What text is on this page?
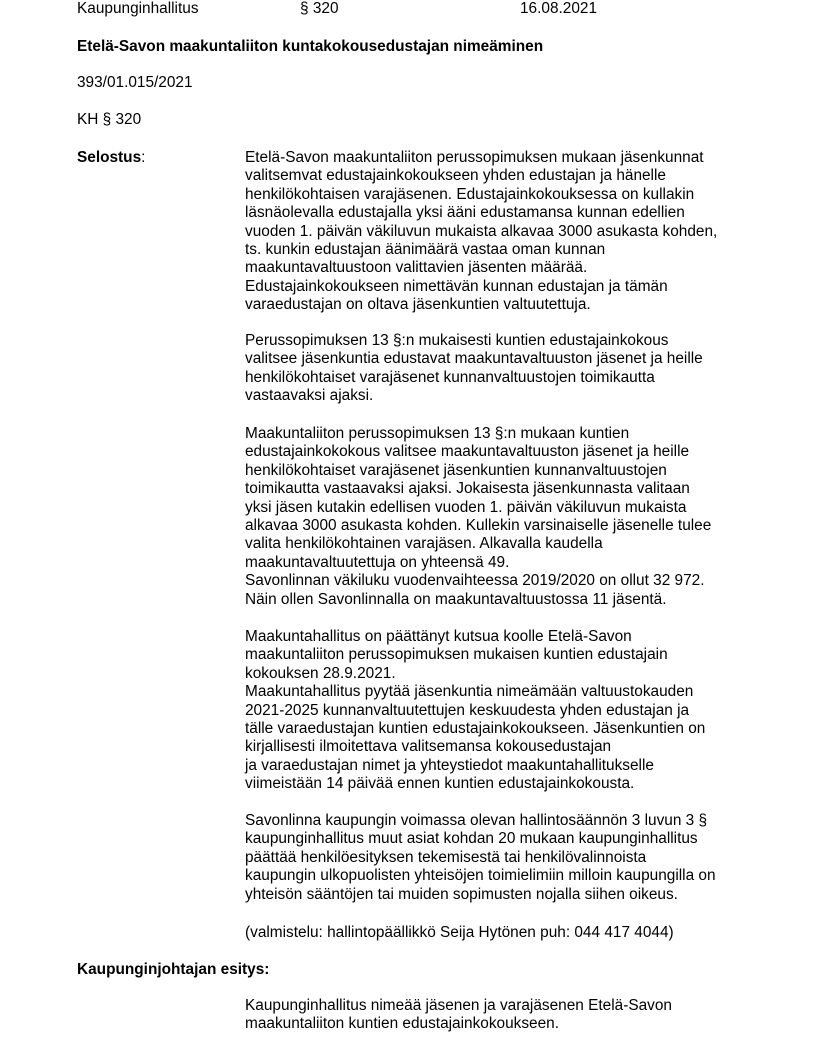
Kaupunginhallitus	§ 320	16.08.2021
Etelä-Savon maakuntaliiton kuntakokousedustajan nimeäminen
393/01.015/2021
KH § 320
Selostus:	Etelä-Savon maakuntaliiton perussopimuksen mukaan jäsenkunnat
valitsemvat edustajainkokoukseen yhden edustajan ja hänelle
henkilökohtaisen varajäsenen. Edustajainkokouksessa on kullakin
läsnäolevalla edustajalla yksi ääni edustamansa kunnan edellien
vuoden 1. päivän väkiluvun mukaista alkavaa 3000 asukasta kohden,
ts. kunkin edustajan äänimäärä vastaa oman kunnan
maakuntavaltuustoon valittavien jäsenten määrää.
Edustajainkokoukseen nimettävän kunnan edustajan ja tämän
varaedustajan on oltava jäsenkuntien valtuutettuja.

Perussopimuksen 13 §:n mukaisesti kuntien edustajainkokous
valitsee jäsenkuntia edustavat maakuntavaltuuston jäsenet ja heille
henkilökohtaiset varajäsenet kunnanvaltuustojen toimikautta
vastaavaksi ajaksi.

Maakuntaliiton perussopimuksen 13 §:n mukaan kuntien
edustajainkokokous valitsee maakuntavaltuuston jäsenet ja heille
henkilökohtaiset varajäsenet jäsenkuntien kunnanvaltuustojen
toimikautta vastaavaksi ajaksi. Jokaisesta jäsenkunnasta valitaan
yksi jäsen kutakin edellisen vuoden 1. päivän väkiluvun mukaista
alkavaa 3000 asukasta kohden. Kullekin varsinaiselle jäsenelle tulee
valita henkilökohtainen varajäsen. Alkavalla kaudella
maakuntavaltuutettuja on yhteensä 49.
Savonlinnan väkiluku vuodenvaihteessa 2019/2020 on ollut 32 972.
Näin ollen Savonlinnalla on maakuntavaltuustossa 11 jäsentä.

Maakuntahallitus on päättänyt kutsua koolle Etelä-Savon
maakuntaliiton perussopimuksen mukaisen kuntien edustajain
kokouksen 28.9.2021.
Maakuntahallitus pyytää jäsenkuntia nimeämään valtuustokauden
2021-2025 kunnanvaltuutettujen keskuudesta yhden edustajan ja
tälle varaedustajan kuntien edustajainkokoukseen. Jäsenkuntien on
kirjallisesti ilmoitettava valitsemansa kokousedustajan
ja varaedustajan nimet ja yhteystiedot maakuntahallitukselle
viimeistään 14 päivää ennen kuntien edustajainkokousta.

Savonlinna kaupungin voimassa olevan hallintosäännön 3 luvun 3 §
kaupunginhallitus muut asiat kohdan 20 mukaan kaupunginhallitus
päättää henkilöesityksen tekemisestä tai henkilövalinnoista
kaupungin ulkopuolisten yhteisöjen toimielimiin milloin kaupungilla on
yhteisön sääntöjen tai muiden sopimusten nojalla siihen oikeus.

(valmistelu: hallintopäällikkö Seija Hytönen puh: 044 417 4044)

Kaupunginjohtajan esitys:

Kaupunginhallitus nimeää jäsenen ja varajäsenen Etelä-Savon
maakuntaliiton kuntien edustajainkokoukseen.
